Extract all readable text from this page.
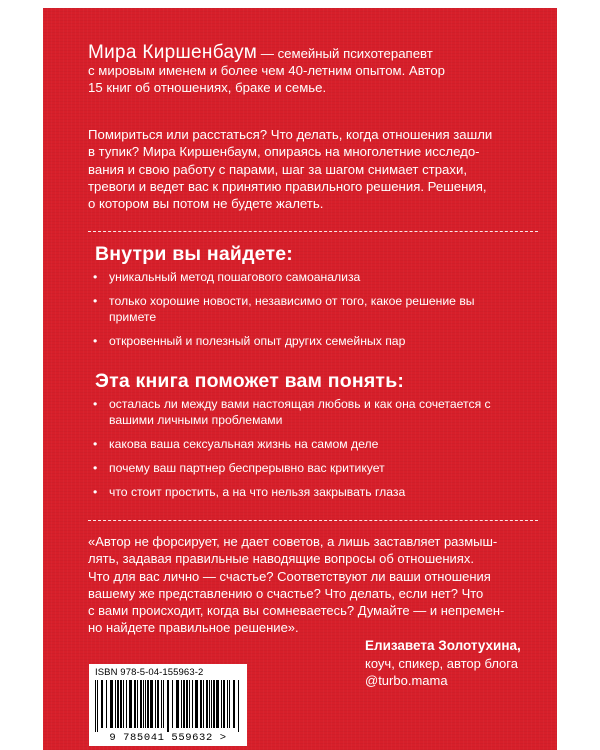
Мира Киршенбаум — семейный психотерапевт
с мировым именем и более чем 40-летним опытом. Автор
15 книг об отношениях, браке и семье.
Помириться или расстаться? Что делать, когда отношения зашли
в тупик? Мира Киршенбаум, опираясь на многолетние исследо-
вания и свою работу с парами, шаг за шагом снимает страхи,
тревоги и ведет вас к принятию правильного решения. Решения,
о котором вы потом не будете жалеть.
Внутри вы найдете:
• уникальный метод пошагового самоанализа
• только хорошие новости, независимо от того, какое решение вы примете
• откровенный и полезный опыт других семейных пар
Эта книга поможет вам понять:
• осталась ли между вами настоящая любовь и как она сочетается с вашими личными проблемами
• какова ваша сексуальная жизнь на самом деле
• почему ваш партнер беспрерывно вас критикует
• что стоит простить, а на что нельзя закрывать глаза
«Автор не форсирует, не дает советов, а лишь заставляет размыш-
лять, задавая правильные наводящие вопросы об отношениях.
Что для вас лично — счастье? Соответствуют ли ваши отношения
вашему же представлению о счастье? Что делать, если нет? Что
с вами происходит, когда вы сомневаетесь? Думайте — и непремен-
но найдете правильное решение».
Елизавета Золотухина,
коуч, спикер, автор блога
@turbo.mama
ISBN 978-5-04-155963-2
9 785041 559632 >
